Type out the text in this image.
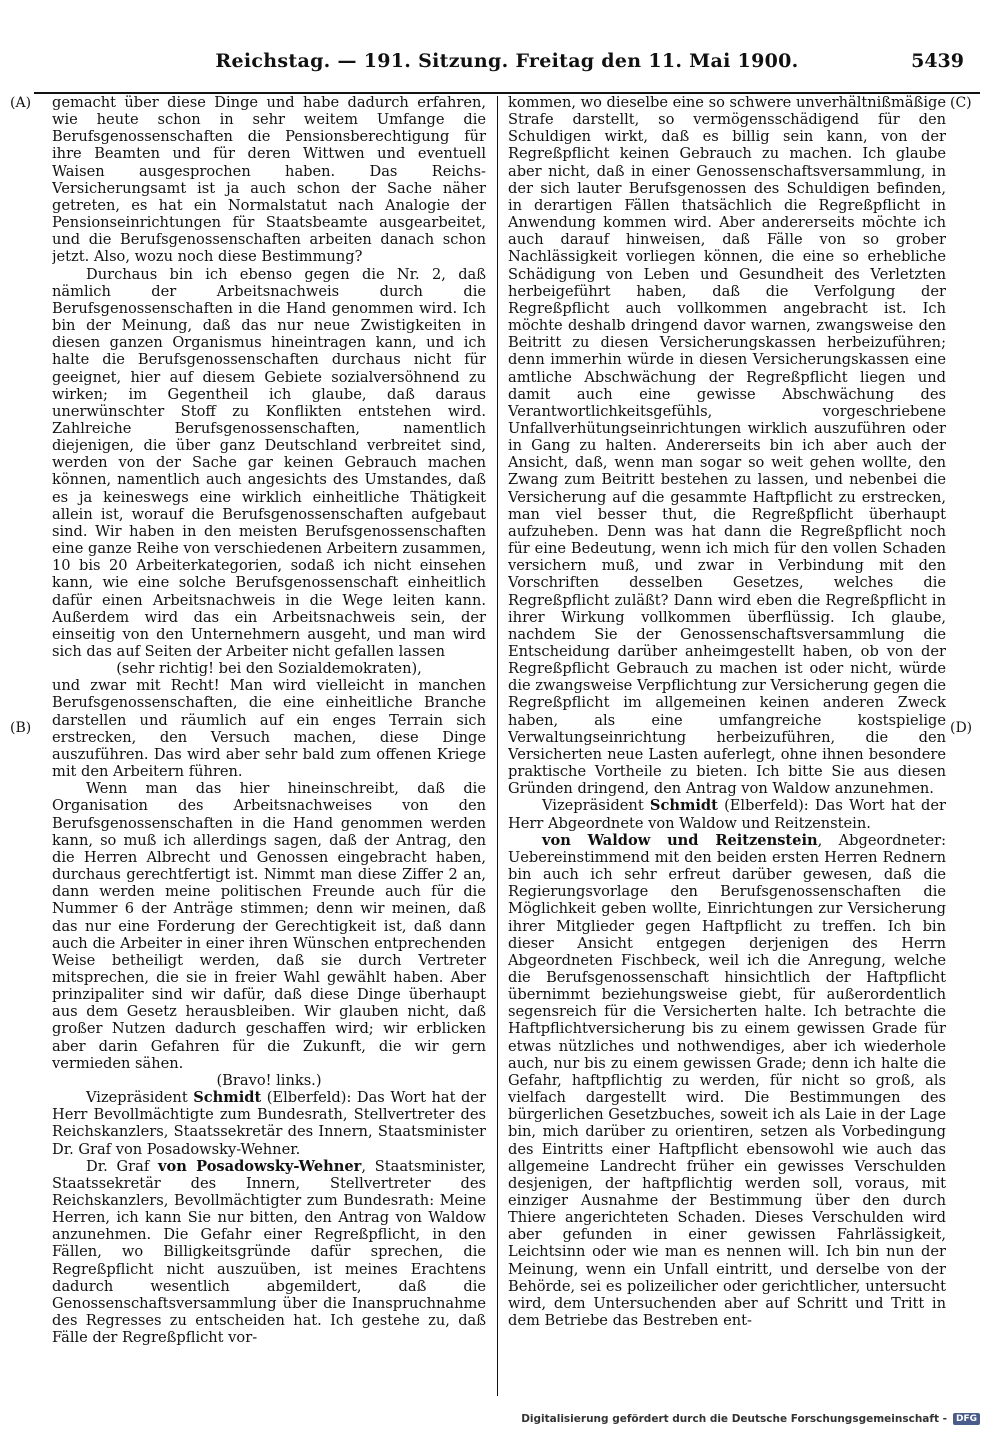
Reichstag. — 191. Sitzung. Freitag den 11. Mai 1900.	5439
(A)
(B)
(C)
(D)

gemacht über diese Dinge und habe dadurch erfahren, wie heute schon in sehr weitem Umfange die Berufsgenossenschaften die Pensionsberechtigung für ihre Beamten und für deren Wittwen und eventuell Waisen ausgesprochen haben. Das Reichs-Versicherungsamt ist ja auch schon der Sache näher getreten, es hat ein Normalstatut nach Analogie der Pensionseinrichtungen für Staatsbeamte ausgearbeitet, und die Berufsgenossenschaften arbeiten danach schon jetzt. Also, wozu noch diese Bestimmung?

Durchaus bin ich ebenso gegen die Nr. 2, daß nämlich der Arbeitsnachweis durch die Berufsgenossenschaften in die Hand genommen wird. Ich bin der Meinung, daß das nur neue Zwistigkeiten in diesen ganzen Organismus hineintragen kann, und ich halte die Berufsgenossenschaften durchaus nicht für geeignet, hier auf diesem Gebiete sozialversöhnend zu wirken; im Gegentheil ich glaube, daß daraus unerwünschter Stoff zu Konflikten entstehen wird. Zahlreiche Berufsgenossenschaften, namentlich diejenigen, die über ganz Deutschland verbreitet sind, werden von der Sache gar keinen Gebrauch machen können, namentlich auch angesichts des Umstandes, daß es ja keineswegs eine wirklich einheitliche Thätigkeit allein ist, worauf die Berufsgenossenschaften aufgebaut sind. Wir haben in den meisten Berufsgenossenschaften eine ganze Reihe von verschiedenen Arbeitern zusammen, 10 bis 20 Arbeiterkategorien, sodaß ich nicht einsehen kann, wie eine solche Berufsgenossenschaft einheitlich dafür einen Arbeitsnachweis in die Wege leiten kann. Außerdem wird das ein Arbeitsnachweis sein, der einseitig von den Unternehmern ausgeht, und man wird sich das auf Seiten der Arbeiter nicht gefallen lassen

(sehr richtig! bei den Sozialdemokraten),

und zwar mit Recht! Man wird vielleicht in manchen Berufsgenossenschaften, die eine einheitliche Branche darstellen und räumlich auf ein enges Terrain sich erstrecken, den Versuch machen, diese Dinge auszuführen. Das wird aber sehr bald zum offenen Kriege mit den Arbeitern führen.

Wenn man das hier hineinschreibt, daß die Organisation des Arbeitsnachweises von den Berufsgenossenschaften in die Hand genommen werden kann, so muß ich allerdings sagen, daß der Antrag, den die Herren Albrecht und Genossen eingebracht haben, durchaus gerechtfertigt ist. Nimmt man diese Ziffer 2 an, dann werden meine politischen Freunde auch für die Nummer 6 der Anträge stimmen; denn wir meinen, daß das nur eine Forderung der Gerechtigkeit ist, daß dann auch die Arbeiter in einer ihren Wünschen entprechenden Weise betheiligt werden, daß sie durch Vertreter mitsprechen, die sie in freier Wahl gewählt haben. Aber prinzipaliter sind wir dafür, daß diese Dinge überhaupt aus dem Gesetz herausbleiben. Wir glauben nicht, daß großer Nutzen dadurch geschaffen wird; wir erblicken aber darin Gefahren für die Zukunft, die wir gern vermieden sähen.

(Bravo! links.)

Vizepräsident Schmidt (Elberfeld): Das Wort hat der Herr Bevollmächtigte zum Bundesrath, Stellvertreter des Reichskanzlers, Staatssekretär des Innern, Staatsminister Dr. Graf von Posadowsky-Wehner.

Dr. Graf von Posadowsky-Wehner, Staatsminister, Staatssekretär des Innern, Stellvertreter des Reichskanzlers, Bevollmächtigter zum Bundesrath: Meine Herren, ich kann Sie nur bitten, den Antrag von Waldow anzunehmen. Die Gefahr einer Regreßpflicht, in den Fällen, wo Billigkeitsgründe dafür sprechen, die Regreßpflicht nicht auszuüben, ist meines Erachtens dadurch wesentlich abgemildert, daß die Genossenschaftsversammlung über die Inanspruchnahme des Regresses zu entscheiden hat. Ich gestehe zu, daß Fälle der Regreßpflicht vor-

kommen, wo dieselbe eine so schwere unverhältnißmäßige Strafe darstellt, so vermögensschädigend für den Schuldigen wirkt, daß es billig sein kann, von der Regreßpflicht keinen Gebrauch zu machen. Ich glaube aber nicht, daß in einer Genossenschaftsversammlung, in der sich lauter Berufsgenossen des Schuldigen befinden, in derartigen Fällen thatsächlich die Regreßpflicht in Anwendung kommen wird. Aber andererseits möchte ich auch darauf hinweisen, daß Fälle von so grober Nachlässigkeit vorliegen können, die eine so erhebliche Schädigung von Leben und Gesundheit des Verletzten herbeigeführt haben, daß die Verfolgung der Regreßpflicht auch vollkommen angebracht ist. Ich möchte deshalb dringend davor warnen, zwangsweise den Beitritt zu diesen Versicherungskassen herbeizuführen; denn immerhin würde in diesen Versicherungskassen eine amtliche Abschwächung der Regreßpflicht liegen und damit auch eine gewisse Abschwächung des Verantwortlichkeitsgefühls, vorgeschriebene Unfallverhütungseinrichtungen wirklich auszuführen oder in Gang zu halten. Andererseits bin ich aber auch der Ansicht, daß, wenn man sogar so weit gehen wollte, den Zwang zum Beitritt bestehen zu lassen, und nebenbei die Versicherung auf die gesammte Haftpflicht zu erstrecken, man viel besser thut, die Regreßpflicht überhaupt aufzuheben. Denn was hat dann die Regreßpflicht noch für eine Bedeutung, wenn ich mich für den vollen Schaden versichern muß, und zwar in Verbindung mit den Vorschriften desselben Gesetzes, welches die Regreßpflicht zuläßt? Dann wird eben die Regreßpflicht in ihrer Wirkung vollkommen überflüssig. Ich glaube, nachdem Sie der Genossenschaftsversammlung die Entscheidung darüber anheimgestellt haben, ob von der Regreßpflicht Gebrauch zu machen ist oder nicht, würde die zwangsweise Verpflichtung zur Versicherung gegen die Regreßpflicht im allgemeinen keinen anderen Zweck haben, als eine umfangreiche kostspielige Verwaltungseinrichtung herbeizuführen, die den Versicherten neue Lasten auferlegt, ohne ihnen besondere praktische Vortheile zu bieten. Ich bitte Sie aus diesen Gründen dringend, den Antrag von Waldow anzunehmen.

Vizepräsident Schmidt (Elberfeld): Das Wort hat der Herr Abgeordnete von Waldow und Reitzenstein.

von Waldow und Reitzenstein, Abgeordneter: Uebereinstimmend mit den beiden ersten Herren Rednern bin auch ich sehr erfreut darüber gewesen, daß die Regierungsvorlage den Berufsgenossenschaften die Möglichkeit geben wollte, Einrichtungen zur Versicherung ihrer Mitglieder gegen Haftpflicht zu treffen. Ich bin dieser Ansicht entgegen derjenigen des Herrn Abgeordneten Fischbeck, weil ich die Anregung, welche die Berufsgenossenschaft hinsichtlich der Haftpflicht übernimmt beziehungsweise giebt, für außerordentlich segensreich für die Versicherten halte. Ich betrachte die Haftpflichtversicherung bis zu einem gewissen Grade für etwas nützliches und nothwendiges, aber ich wiederhole auch, nur bis zu einem gewissen Grade; denn ich halte die Gefahr, haftpflichtig zu werden, für nicht so groß, als vielfach dargestellt wird. Die Bestimmungen des bürgerlichen Gesetzbuches, soweit ich als Laie in der Lage bin, mich darüber zu orientiren, setzen als Vorbedingung des Eintritts einer Haftpflicht ebensowohl wie auch das allgemeine Landrecht früher ein gewisses Verschulden desjenigen, der haftpflichtig werden soll, voraus, mit einziger Ausnahme der Bestimmung über den durch Thiere angerichteten Schaden. Dieses Verschulden wird aber gefunden in einer gewissen Fahrlässigkeit, Leichtsinn oder wie man es nennen will. Ich bin nun der Meinung, wenn ein Unfall eintritt, und derselbe von der Behörde, sei es polizeilicher oder gerichtlicher, untersucht wird, dem Untersuchenden aber auf Schritt und Tritt in dem Betriebe das Bestreben ent-

Digitalisierung gefördert durch die Deutsche Forschungsgemeinschaft -	DFG
